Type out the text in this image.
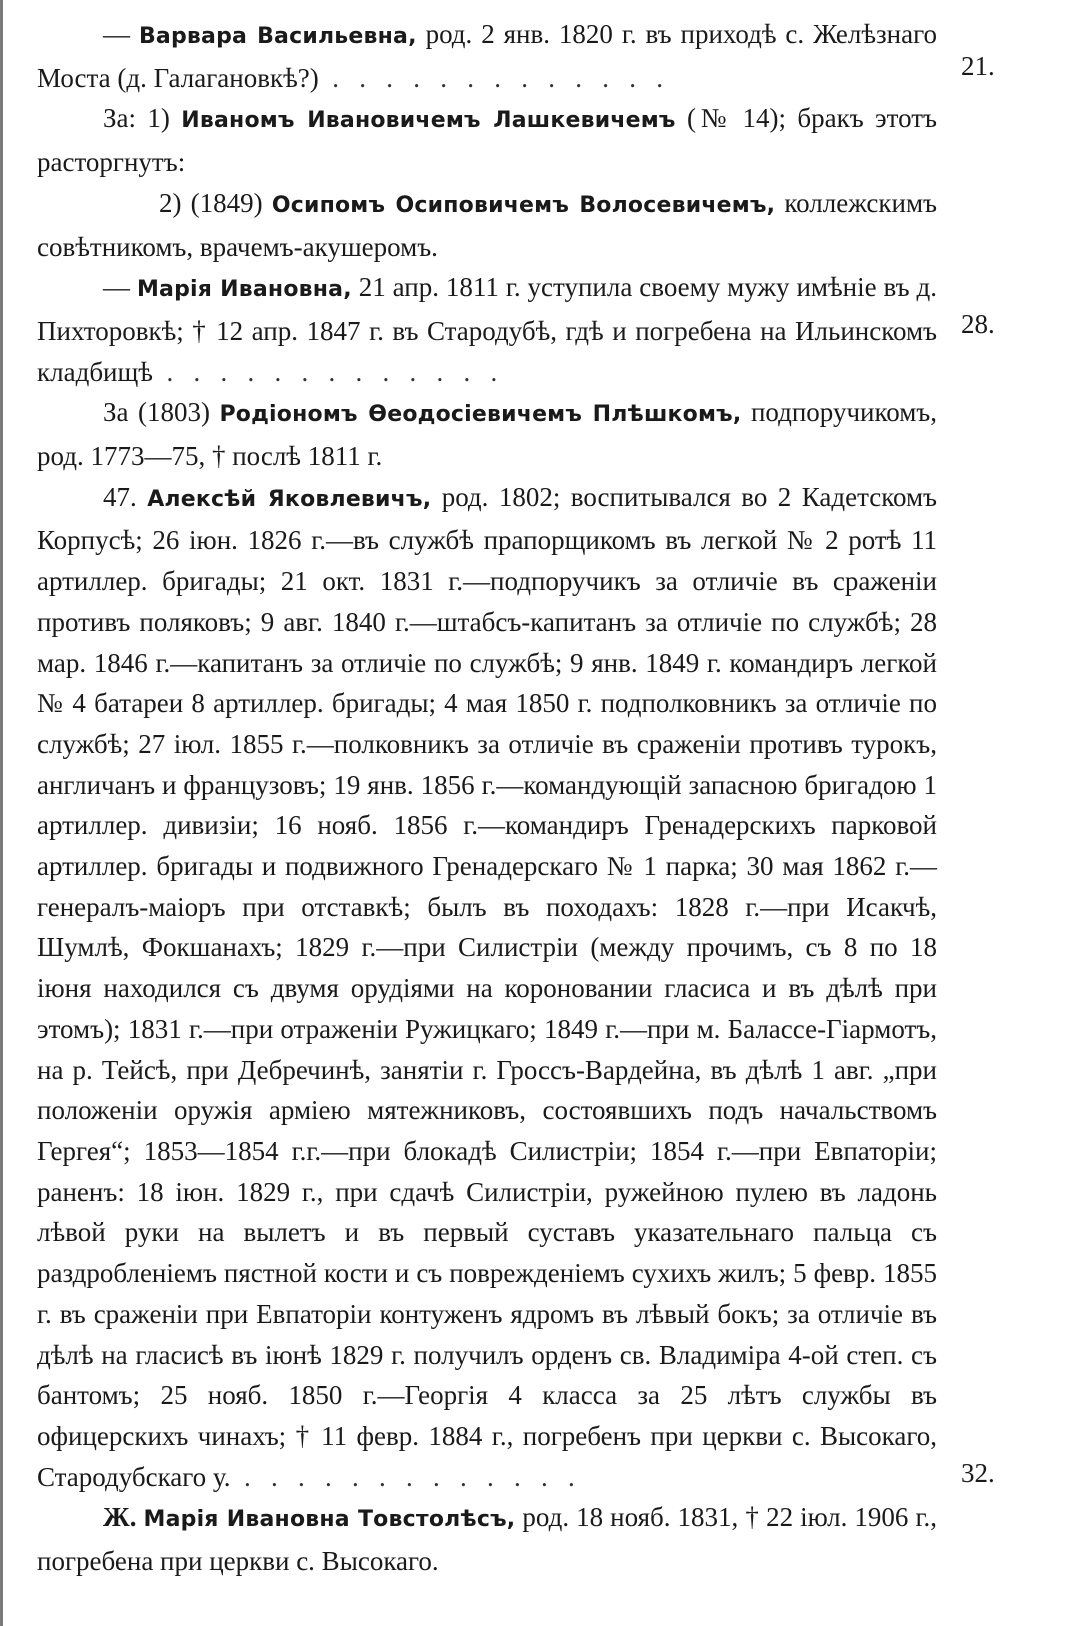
— Варвара Васильевна, род. 2 янв. 1820 г. въ приходѣ с. Желѣзнаго Моста (д. Галагановкѣ?) . .

За: 1) Иваномъ Ивановичемъ Лашкевичемъ (№ 14); бракъ этотъ расторгнутъ:

2) (1849) Осипомъ Осиповичемъ Волосевичемъ, коллежскимъ совѣтникомъ, врачемъ-акушеромъ.

— Марія Ивановна, 21 апр. 1811 г. уступила своему мужу имѣніе въ д. Пихторовкѣ; † 12 апр. 1847 г. въ Стародубѣ, гдѣ и погребена на Ильинскомъ кладбищѣ . .

За (1803) Родіономъ Ѳеодосіевичемъ Плѣшкомъ, подпоручикомъ, род. 1773—75, † послѣ 1811 г.

47. Алексѣй Яковлевичъ, род. 1802; воспитывался во 2 Кадетскомъ Корпусѣ; 26 іюн. 1826 г.—въ службѣ прапорщикомъ въ легкой № 2 ротѣ 11 артиллер. бригады; 21 окт. 1831 г.—подпоручикъ за отличіе въ сраженіи противъ поляковъ; 9 авг. 1840 г.—штабсъ-капитанъ за отличіе по службѣ; 28 мар. 1846 г.—капитанъ за отличіе по службѣ; 9 янв. 1849 г. командиръ легкой № 4 батареи 8 артиллер. бригады; 4 мая 1850 г. подполковникъ за отличіе по службѣ; 27 іюл. 1855 г.—полковникъ за отличіе въ сраженіи противъ турокъ, англичанъ и французовъ; 19 янв. 1856 г.—командующій запасною бригадою 1 артиллер. дивизіи; 16 нояб. 1856 г.—командиръ Гренадерскихъ парковой артиллер. бригады и подвижного Гренадерскаго № 1 парка; 30 мая 1862 г.—генералъ-маіоръ при отставкѣ; былъ въ походахъ: 1828 г.—при Исакчѣ, Шумлѣ, Фокшанахъ; 1829 г.—при Силистріи (между прочимъ, съ 8 по 18 іюня находился съ двумя орудіями на короновании гласиса и въ дѣлѣ при этомъ); 1831 г.—при отраженіи Ружицкаго; 1849 г.—при м. Балассе-Гіармотъ, на р. Тейсѣ, при Дебречинѣ, занятіи г. Гроссъ-Вардейна, въ дѣлѣ 1 авг. „при положеніи оружія арміею мятежниковъ, состоявшихъ подъ начальствомъ Гергея“; 1853—1854 г.г.—при блокадѣ Силистріи; 1854 г.—при Евпаторіи; раненъ: 18 іюн. 1829 г., при сдачѣ Силистріи, ружейною пулею въ ладонь лѣвой руки на вылетъ и въ первый суставъ указательнаго пальца съ раздробленіемъ пястной кости и съ поврежденіемъ сухихъ жилъ; 5 февр. 1855 г. въ сраженіи при Евпаторіи контуженъ ядромъ въ лѣвый бокъ; за отличіе въ дѣлѣ на гласисѣ въ іюнѣ 1829 г. получилъ орденъ св. Владиміра 4-ой степ. съ бантомъ; 25 нояб. 1850 г.—Георгія 4 класса за 25 лѣтъ службы въ офицерскихъ чинахъ; † 11 февр. 1884 г., погребенъ при церкви с. Высокаго, Стародубскаго у. . .

Ж. Марія Ивановна Товстолѣсъ, род. 18 нояб. 1831, † 22 іюл. 1906 г., погребена при церкви с. Высокаго.

21.
28.
32.
